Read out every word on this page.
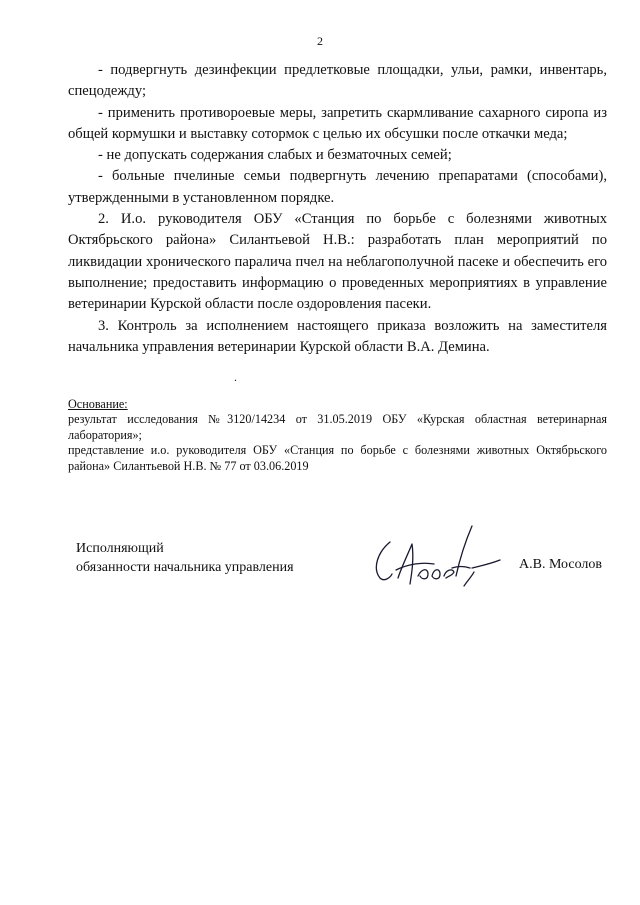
2

- подвергнуть дезинфекции предлетковые площадки, ульи, рамки, инвентарь, спецодежду;

- применить противороевые меры, запретить скармливание сахарного сиропа из общей кормушки и выставку сотормок с целью их обсушки после откачки меда;

- не допускать содержания слабых и безматочных семей;

- больные пчелиные семьи подвергнуть лечению препаратами (способами), утвержденными в установленном порядке.

2. И.о. руководителя ОБУ «Станция по борьбе с болезнями животных Октябрьского района» Силантьевой Н.В.: разработать план мероприятий по ликвидации хронического паралича пчел на неблагополучной пасеке и обеспечить его выполнение; предоставить информацию о проведенных мероприятиях в управление ветеринарии Курской области после оздоровления пасеки.

3. Контроль за исполнением настоящего приказа возложить на заместителя начальника управления ветеринарии Курской области В.А. Демина.

.

Основание:

результат исследования №3120/14234 от 31.05.2019 ОБУ «Курская областная ветеринарная лаборатория»;

представление и.о. руководителя ОБУ «Станция по борьбе с болезнями животных Октябрьского района» Силантьевой Н.В. № 77 от 03.06.2019

Исполняющий
обязанности начальника управления	А.В. Мосолов
